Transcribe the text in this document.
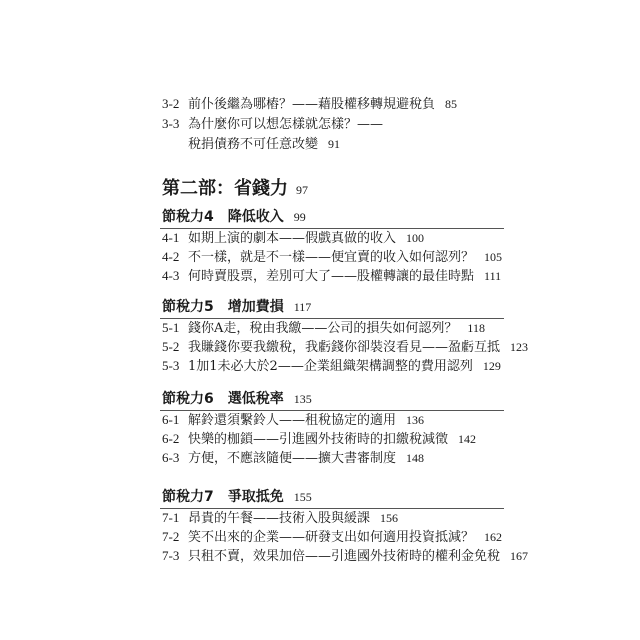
3-2 前仆後繼為哪樁？——藉股權移轉規避稅負 85
3-3 為什麼你可以想怎樣就怎樣？——
稅捐債務不可任意改變 91
第二部：省錢力 97
節稅力4 降低收入 99
4-1 如期上演的劇本——假戲真做的收入 100
4-2 不一樣，就是不一樣——便宜賣的收入如何認列？ 105
4-3 何時賣股票，差別可大了——股權轉讓的最佳時點 111
節稅力5 增加費損 117
5-1 錢你A走，稅由我繳——公司的損失如何認列？ 118
5-2 我賺錢你要我繳稅，我虧錢你卻裝沒看見——盈虧互抵 123
5-3 1加1未必大於2——企業組織架構調整的費用認列 129
節稅力6 選低稅率 135
6-1 解鈴還須繫鈴人——租稅協定的適用 136
6-2 快樂的枷鎖——引進國外技術時的扣繳稅減徵 142
6-3 方便，不應該隨便——擴大書審制度 148
節稅力7 爭取抵免 155
7-1 昂貴的午餐——技術入股與緩課 156
7-2 笑不出來的企業——研發支出如何適用投資抵減？ 162
7-3 只租不賣，效果加倍——引進國外技術時的權利金免稅 167
